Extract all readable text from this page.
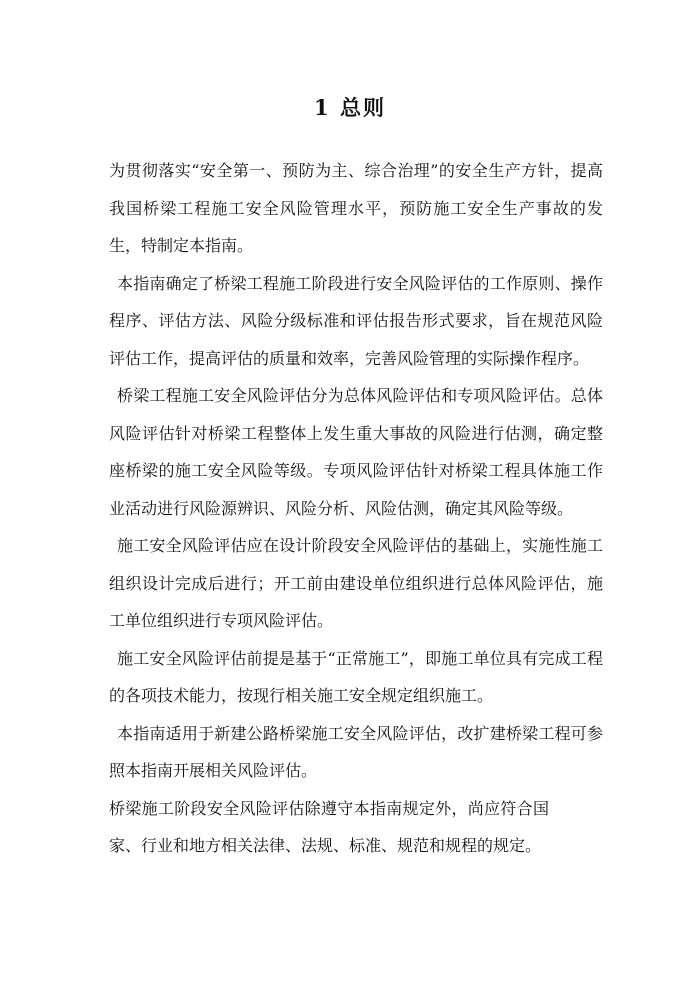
1 总则

为贯彻落实“安全第一、预防为主、综合治理”的安全生产方针，提高我国桥梁工程施工安全风险管理水平，预防施工安全生产事故的发生，特制定本指南。

本指南确定了桥梁工程施工阶段进行安全风险评估的工作原则、操作程序、评估方法、风险分级标准和评估报告形式要求，旨在规范风险评估工作，提高评估的质量和效率，完善风险管理的实际操作程序。

桥梁工程施工安全风险评估分为总体风险评估和专项风险评估。总体风险评估针对桥梁工程整体上发生重大事故的风险进行估测，确定整座桥梁的施工安全风险等级。专项风险评估针对桥梁工程具体施工作业活动进行风险源辨识、风险分析、风险估测，确定其风险等级。

施工安全风险评估应在设计阶段安全风险评估的基础上，实施性施工组织设计完成后进行；开工前由建设单位组织进行总体风险评估，施工单位组织进行专项风险评估。

施工安全风险评估前提是基于“正常施工”，即施工单位具有完成工程的各项技术能力，按现行相关施工安全规定组织施工。

本指南适用于新建公路桥梁施工安全风险评估，改扩建桥梁工程可参照本指南开展相关风险评估。

桥梁施工阶段安全风险评估除遵守本指南规定外，尚应符合国家、行业和地方相关法律、法规、标准、规范和规程的规定。
